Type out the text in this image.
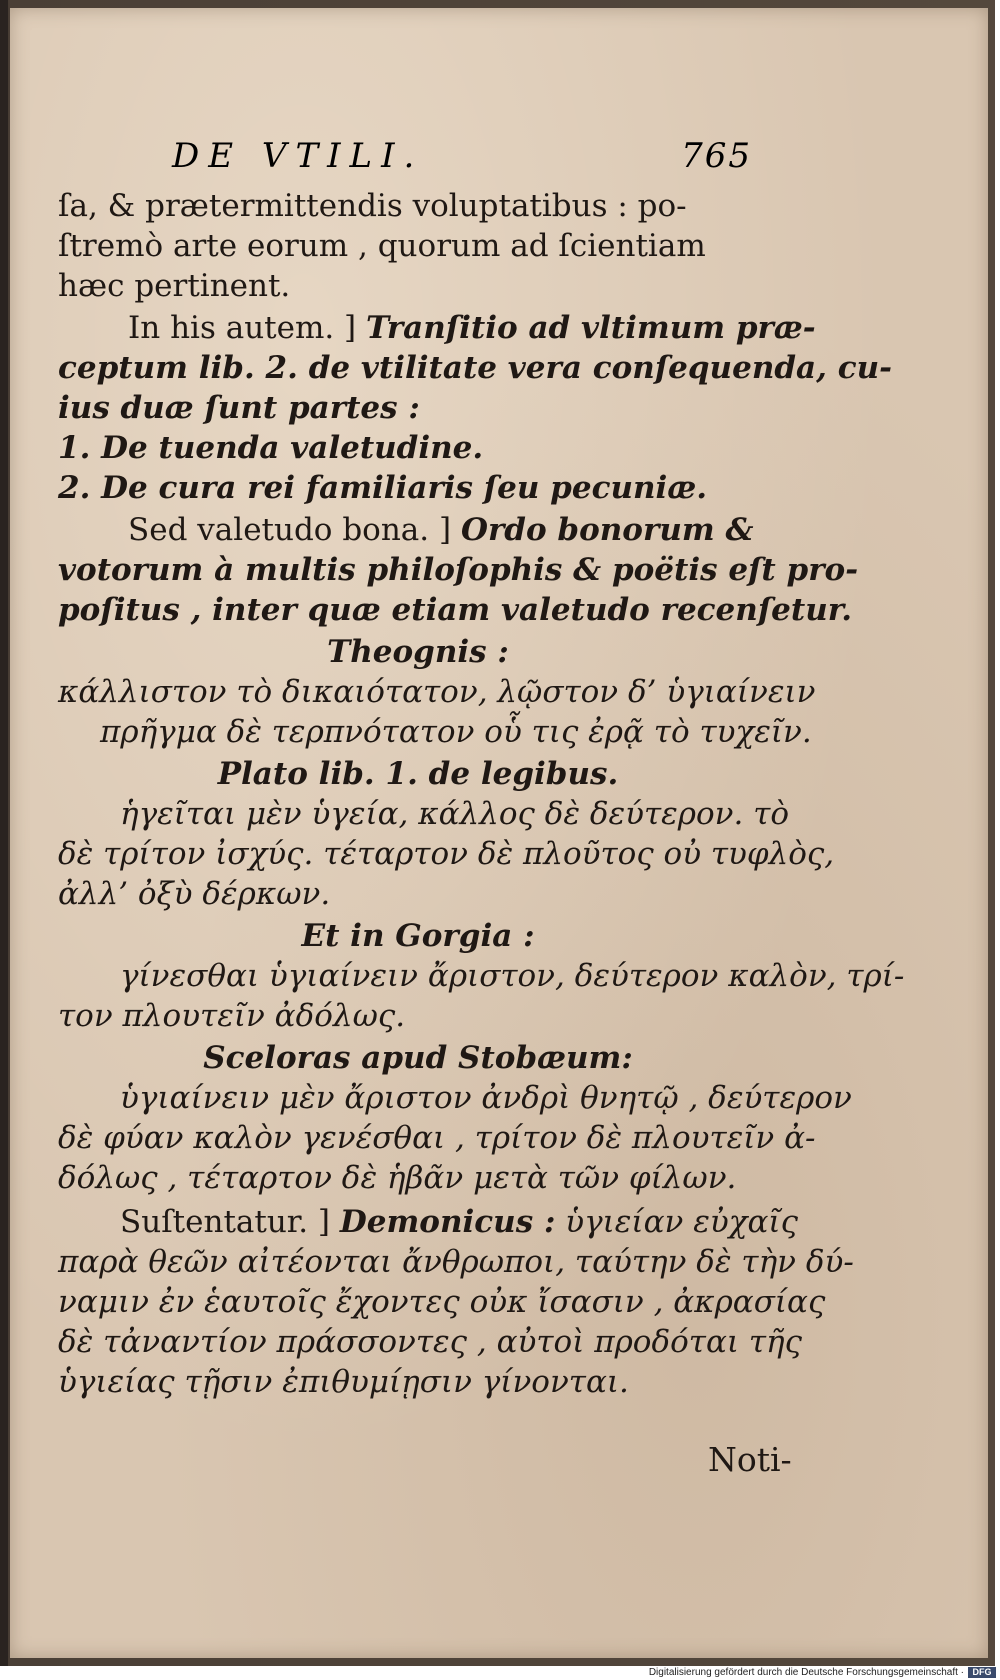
DE VTILI.	765
ſa, & prætermittendis voluptatibus : po-
ſtremò arte eorum , quorum ad ſcientiam
hæc pertinent.
In his autem. ] Tranſitio ad vltimum præ-
ceptum lib. 2. de vtilitate vera conſequenda, cu-
ius duæ ſunt partes :
1. De tuenda valetudine.
2. De cura rei familiaris ſeu pecuniæ.
Sed valetudo bona. ] Ordo bonorum &
votorum à multis philoſophis & poëtis eſt pro-
poſitus , inter quæ etiam valetudo recenſetur.
Theognis :
κάλλιστον τὸ δικαιότατον, λῷστον δ’ ὑγιαίνειν
πρῆγμα δὲ τερπνότατον οὗ τις ἐρᾷ τὸ τυχεῖν.
Plato lib. 1. de legibus.
ἡγεῖται μὲν ὑγεία, κάλλος δὲ δεύτερον. τὸ
δὲ τρίτον ἰσχύς. τέταρτον δὲ πλοῦτος οὐ τυφλὸς,
ἀλλ’ ὀξὺ δέρκων.
Et in Gorgia :
γίνεσθαι ὑγιαίνειν ἄριστον, δεύτερον καλὸν, τρί-
τον πλουτεῖν ἀδόλως.
Sceloras apud Stobæum:
ὑγιαίνειν μὲν ἄριστον ἀνδρὶ θνητῷ , δεύτερον
δὲ φύαν καλὸν γενέσθαι , τρίτον δὲ πλουτεῖν ἀ-
δόλως , τέταρτον δὲ ἡβᾶν μετὰ τῶν φίλων.
Suſtentatur. ] Demonicus : ὑγιείαν εὐχαῖς
παρὰ θεῶν αἰτέονται ἄνθρωποι, ταύτην δὲ τὴν δύ-
ναμιν ἐν ἑαυτοῖς ἔχοντες οὐκ ἴσασιν , ἀκρασίας
δὲ τἀναντίον πράσσοντες , αὐτοὶ προδόται τῆς
ὑγιείας τῇσιν ἐπιθυμίῃσιν γίνονται.
Noti-
Digitalisierung gefördert durch die Deutsche Forschungsgemeinschaft · DFG
